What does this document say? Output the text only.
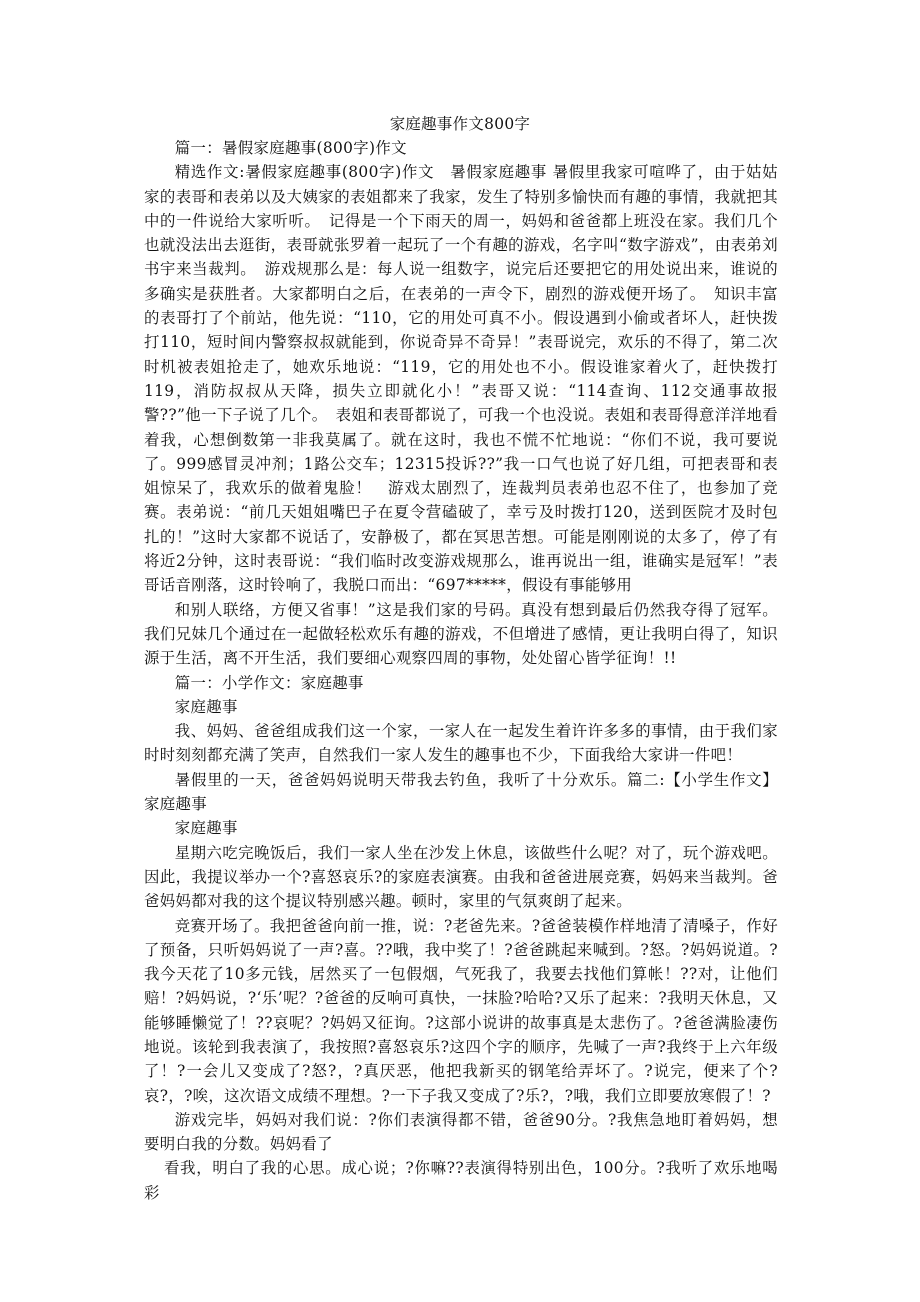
家庭趣事作文800字

篇一：暑假家庭趣事(800字)作文

精选作文:暑假家庭趣事(800字)作文　暑假家庭趣事 暑假里我家可喧哗了，由于姑姑家的表哥和表弟以及大姨家的表姐都来了我家，发生了特别多愉快而有趣的事情，我就把其中的一件说给大家听听。　记得是一个下雨天的周一，妈妈和爸爸都上班没在家。我们几个也就没法出去逛街，表哥就张罗着一起玩了一个有趣的游戏，名字叫“数字游戏”，由表弟刘书宇来当裁判。　游戏规那么是：每人说一组数字，说完后还要把它的用处说出来，谁说的多确实是获胜者。大家都明白之后，在表弟的一声令下，剧烈的游戏便开场了。　知识丰富的表哥打了个前站，他先说：“110，它的用处可真不小。假设遇到小偷或者坏人，赶快拨打110，短时间内警察叔叔就能到，你说奇异不奇异！”表哥说完，欢乐的不得了，第二次时机被表姐抢走了，她欢乐地说：“119，它的用处也不小。假设谁家着火了，赶快拨打119，消防叔叔从天降，损失立即就化小！”表哥又说：“114查询、112交通事故报警??”他一下子说了几个。　表姐和表哥都说了，可我一个也没说。表姐和表哥得意洋洋地看着我，心想倒数第一非我莫属了。就在这时，我也不慌不忙地说：“你们不说，我可要说了。999感冒灵冲剂；1路公交车；12315投诉??”我一口气也说了好几组，可把表哥和表姐惊呆了，我欢乐的做着鬼脸！　游戏太剧烈了，连裁判员表弟也忍不住了，也参加了竞赛。表弟说：“前几天姐姐嘴巴子在夏令营磕破了，幸亏及时拨打120，送到医院才及时包扎的！”这时大家都不说话了，安静极了，都在冥思苦想。可能是刚刚说的太多了，停了有将近2分钟，这时表哥说：“我们临时改变游戏规那么，谁再说出一组，谁确实是冠军！”表哥话音刚落，这时铃响了，我脱口而出：“697*****，假设有事能够用

和别人联络，方便又省事！”这是我们家的号码。真没有想到最后仍然我夺得了冠军。我们兄妹几个通过在一起做轻松欢乐有趣的游戏，不但增进了感情，更让我明白得了，知识源于生活，离不开生活，我们要细心观察四周的事物，处处留心皆学征询！!!

篇一：小学作文：家庭趣事

家庭趣事

我、妈妈、爸爸组成我们这一个家，一家人在一起发生着许许多多的事情，由于我们家时时刻刻都充满了笑声，自然我们一家人发生的趣事也不少，下面我给大家讲一件吧！

暑假里的一天，爸爸妈妈说明天带我去钓鱼，我听了十分欢乐。篇二:【小学生作文】家庭趣事

家庭趣事

星期六吃完晚饭后，我们一家人坐在沙发上休息，该做些什么呢？对了，玩个游戏吧。因此，我提议举办一个?喜怒哀乐?的家庭表演赛。由我和爸爸进展竞赛，妈妈来当裁判。爸爸妈妈都对我的这个提议特别感兴趣。顿时，家里的气氛爽朗了起来。

竞赛开场了。我把爸爸向前一推，说：?老爸先来。?爸爸装模作样地清了清嗓子，作好了预备，只听妈妈说了一声?喜。??哦，我中奖了！?爸爸跳起来喊到。?怒。?妈妈说道。?我今天花了10多元钱，居然买了一包假烟，气死我了，我要去找他们算帐！??对，让他们赔！?妈妈说，?‘乐’呢？?爸爸的反响可真快，一抹脸?哈哈?又乐了起来：?我明天休息，又能够睡懒觉了！??哀呢？?妈妈又征询。?这部小说讲的故事真是太悲伤了。?爸爸满脸凄伤地说。该轮到我表演了，我按照?喜怒哀乐?这四个字的顺序，先喊了一声?我终于上六年级了！?一会儿又变成了?怒?，?真厌恶，他把我新买的钢笔给弄坏了。?说完，便来了个?哀?，?唉，这次语文成绩不理想。?一下子我又变成了?乐?，?哦，我们立即要放寒假了！?

游戏完毕，妈妈对我们说：?你们表演得都不错，爸爸90分。?我焦急地盯着妈妈，想要明白我的分数。妈妈看了

看我，明白了我的心思。成心说；?你嘛??表演得特别出色，100分。?我听了欢乐地喝彩
